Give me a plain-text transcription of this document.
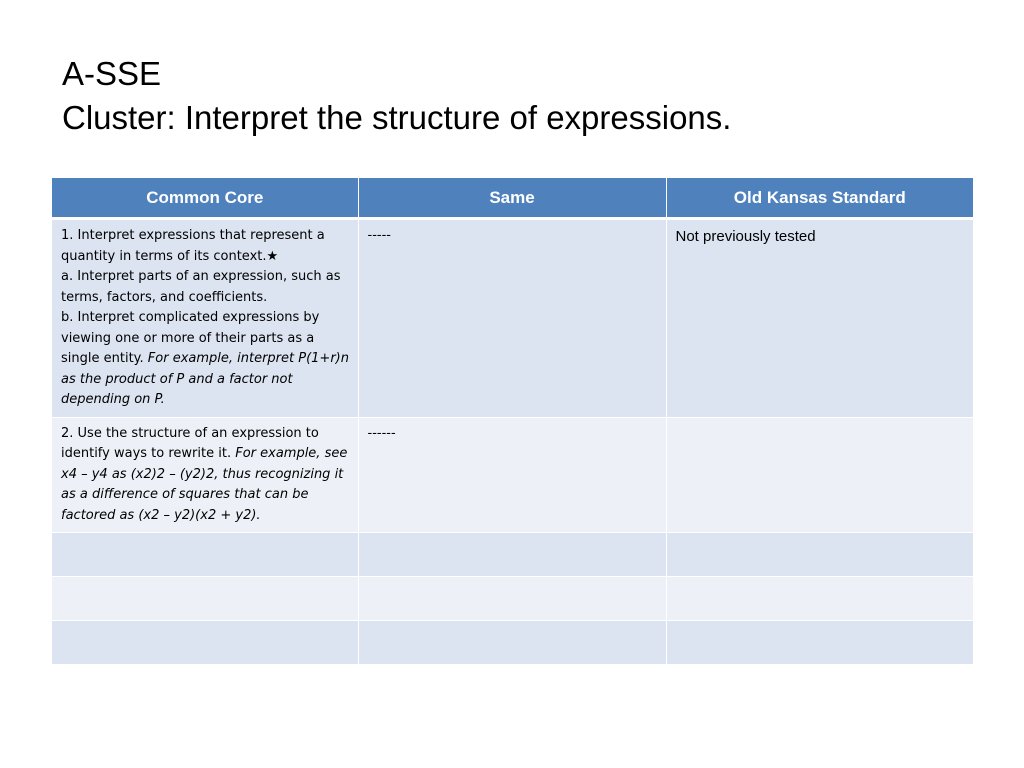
A-SSE
Cluster: Interpret the structure of expressions.
Common Core	Same	Old Kansas Standard

1. Interpret expressions that represent a quantity in terms of its context.★
a. Interpret parts of an expression, such as terms, factors, and coefficients.
b. Interpret complicated expressions by viewing one or more of their parts as a single entity. For example, interpret P(1+r)n as the product of P and a factor not depending on P.	-----	Not previously tested
2. Use the structure of an expression to identify ways to rewrite it. For example, see x4 – y4 as (x2)2 – (y2)2, thus recognizing it as a difference of squares that can be factored as (x2 – y2)(x2 + y2).	------	
